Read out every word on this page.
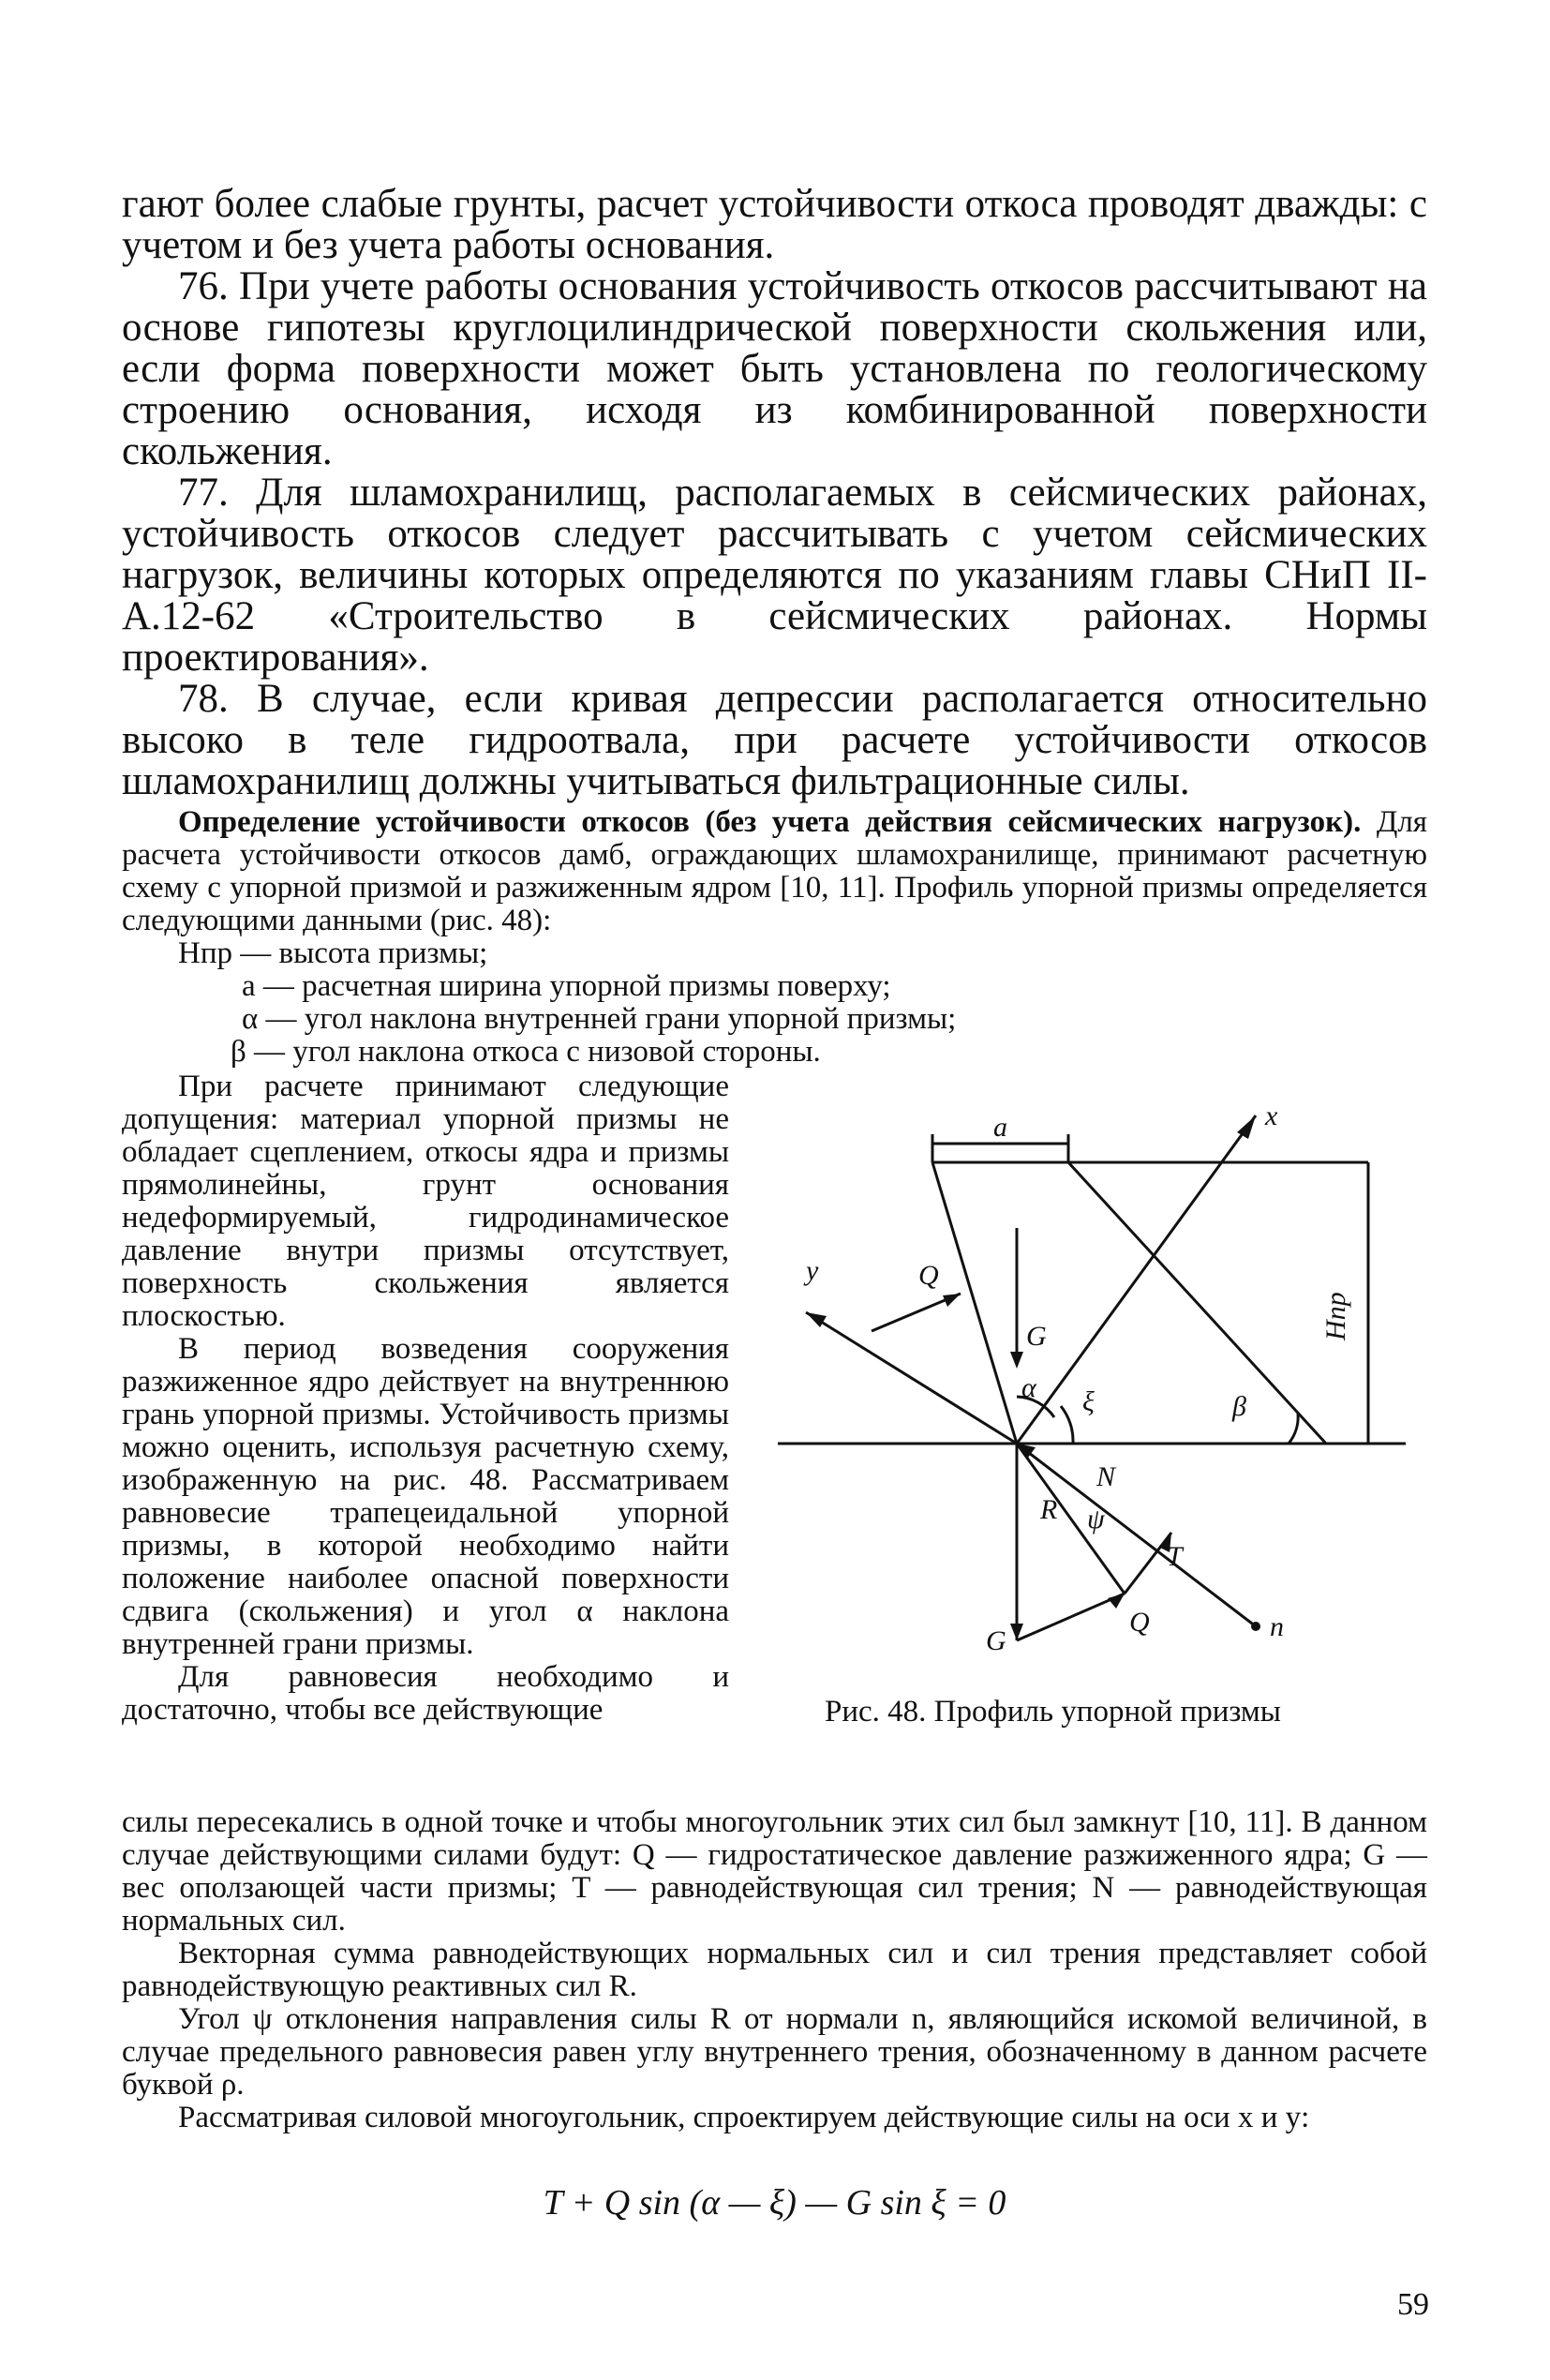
гают более слабые грунты, расчет устойчивости откоса проводят дважды: с учетом и без учета работы основания.

76. При учете работы основания устойчивость откосов рассчитывают на основе гипотезы круглоцилиндрической поверхности скольжения или, если форма поверхности может быть установлена по геологическому строению основания, исходя из комбинированной поверхности скольжения.

77. Для шламохранилищ, располагаемых в сейсмических районах, устойчивость откосов следует рассчитывать с учетом сейсмических нагрузок, величины которых определяются по указаниям главы СНиП II-А.12-62 «Строительство в сейсмических районах. Нормы проектирования».

78. В случае, если кривая депрессии располагается относительно высоко в теле гидроотвала, при расчете устойчивости откосов шламохранилищ должны учитываться фильтрационные силы.

Определение устойчивости откосов (без учета действия сейсмических нагрузок). Для расчета устойчивости откосов дамб, ограждающих шламохранилище, принимают расчетную схему с упорной призмой и разжиженным ядром [10, 11]. Профиль упорной призмы определяется следующими данными (рис. 48):

Нпр — высота призмы;
a — расчетная ширина упорной призмы поверху;
α — угол наклона внутренней грани упорной призмы;
β — угол наклона откоса с низовой стороны.

При расчете принимают следующие допущения: материал упорной призмы не обладает сцеплением, откосы ядра и призмы прямолинейны, грунт основания недеформируемый, гидродинамическое давление внутри призмы отсутствует, поверхность скольжения является плоскостью.

В период возведения сооружения разжиженное ядро действует на внутреннюю грань упорной призмы. Устойчивость призмы можно оценить, используя расчетную схему, изображенную на рис. 48. Рассматриваем равновесие трапецеидальной упорной призмы, в которой необходимо найти положение наиболее опасной поверхности сдвига (скольжения) и угол α наклона внутренней грани призмы.

Для равновесия необходимо и достаточно, чтобы все действующие

a	x
y	Q
G
α ξ	β
Hпр
N
R ψ
T
n
G
Q
Рис. 48. Профиль упорной призмы

силы пересекались в одной точке и чтобы многоугольник этих сил был замкнут [10, 11]. В данном случае действующими силами будут: Q — гидростатическое давление разжиженного ядра; G — вес оползающей части призмы; T — равнодействующая сил трения; N — равнодействующая нормальных сил.

Векторная сумма равнодействующих нормальных сил и сил трения представляет собой равнодействующую реактивных сил R.

Угол ψ отклонения направления силы R от нормали n, являющийся искомой величиной, в случае предельного равновесия равен углу внутреннего трения, обозначенному в данном расчете буквой ρ.

Рассматривая силовой многоугольник, спроектируем действующие силы на оси x и y:

T + Q sin (α — ξ) — G sin ξ = 0
59
